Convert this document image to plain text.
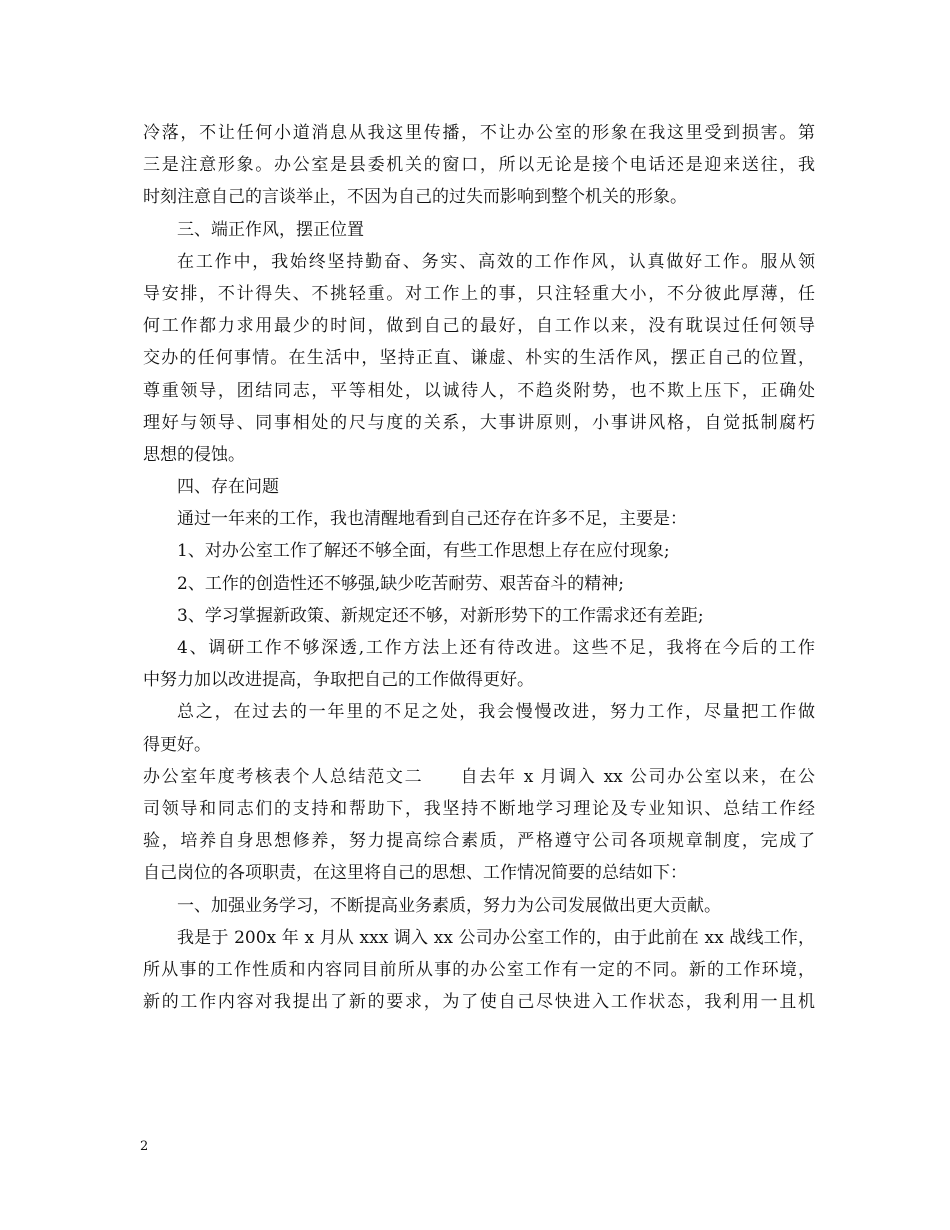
冷落，不让任何小道消息从我这里传播，不让办公室的形象在我这里受到损害。第
三是注意形象。办公室是县委机关的窗口，所以无论是接个电话还是迎来送往，我
时刻注意自己的言谈举止，不因为自己的过失而影响到整个机关的形象。
三、端正作风，摆正位置
在工作中，我始终坚持勤奋、务实、高效的工作作风，认真做好工作。服从领
导安排，不计得失、不挑轻重。对工作上的事，只注轻重大小，不分彼此厚薄，任
何工作都力求用最少的时间，做到自己的最好，自工作以来，没有耽误过任何领导
交办的任何事情。在生活中，坚持正直、谦虚、朴实的生活作风，摆正自己的位置，
尊重领导，团结同志，平等相处，以诚待人，不趋炎附势，也不欺上压下，正确处
理好与领导、同事相处的尺与度的关系，大事讲原则，小事讲风格，自觉抵制腐朽
思想的侵蚀。
四、存在问题
通过一年来的工作，我也清醒地看到自己还存在许多不足，主要是：
1、对办公室工作了解还不够全面，有些工作思想上存在应付现象;
2、工作的创造性还不够强,缺少吃苦耐劳、艰苦奋斗的精神;
3、学习掌握新政策、新规定还不够，对新形势下的工作需求还有差距;
4、调研工作不够深透,工作方法上还有待改进。这些不足，我将在今后的工作
中努力加以改进提高，争取把自己的工作做得更好。
总之，在过去的一年里的不足之处，我会慢慢改进，努力工作，尽量把工作做
得更好。
办公室年度考核表个人总结范文二　　自去年 x 月调入 xx 公司办公室以来，在公
司领导和同志们的支持和帮助下，我坚持不断地学习理论及专业知识、总结工作经
验，培养自身思想修养，努力提高综合素质，严格遵守公司各项规章制度，完成了
自己岗位的各项职责，在这里将自己的思想、工作情况简要的总结如下：
一、加强业务学习，不断提高业务素质，努力为公司发展做出更大贡献。
我是于 200x 年 x 月从 xxx 调入 xx 公司办公室工作的，由于此前在 xx 战线工作，
所从事的工作性质和内容同目前所从事的办公室工作有一定的不同。新的工作环境，
新的工作内容对我提出了新的要求，为了使自己尽快进入工作状态，我利用一且机
2
